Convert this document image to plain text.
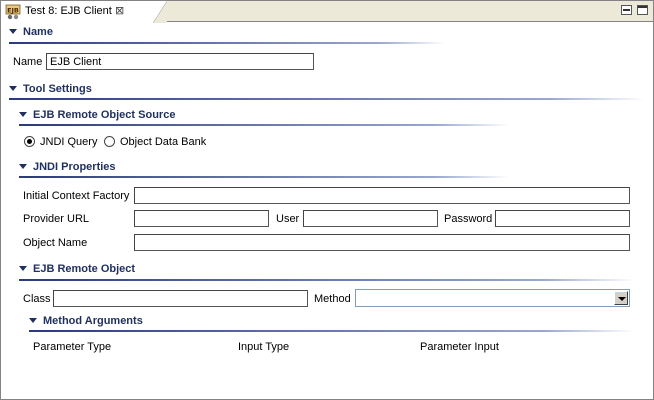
EJB Test 8: EJB Client ⊠
Name
Name
EJB Client
Tool Settings
EJB Remote Object Source
JNDI Query Object Data Bank
JNDI Properties
Initial Context Factory
Provider URL	User	Password
Object Name
EJB Remote Object
Class	Method
Method Arguments
Parameter Type	Input Type	Parameter Input
